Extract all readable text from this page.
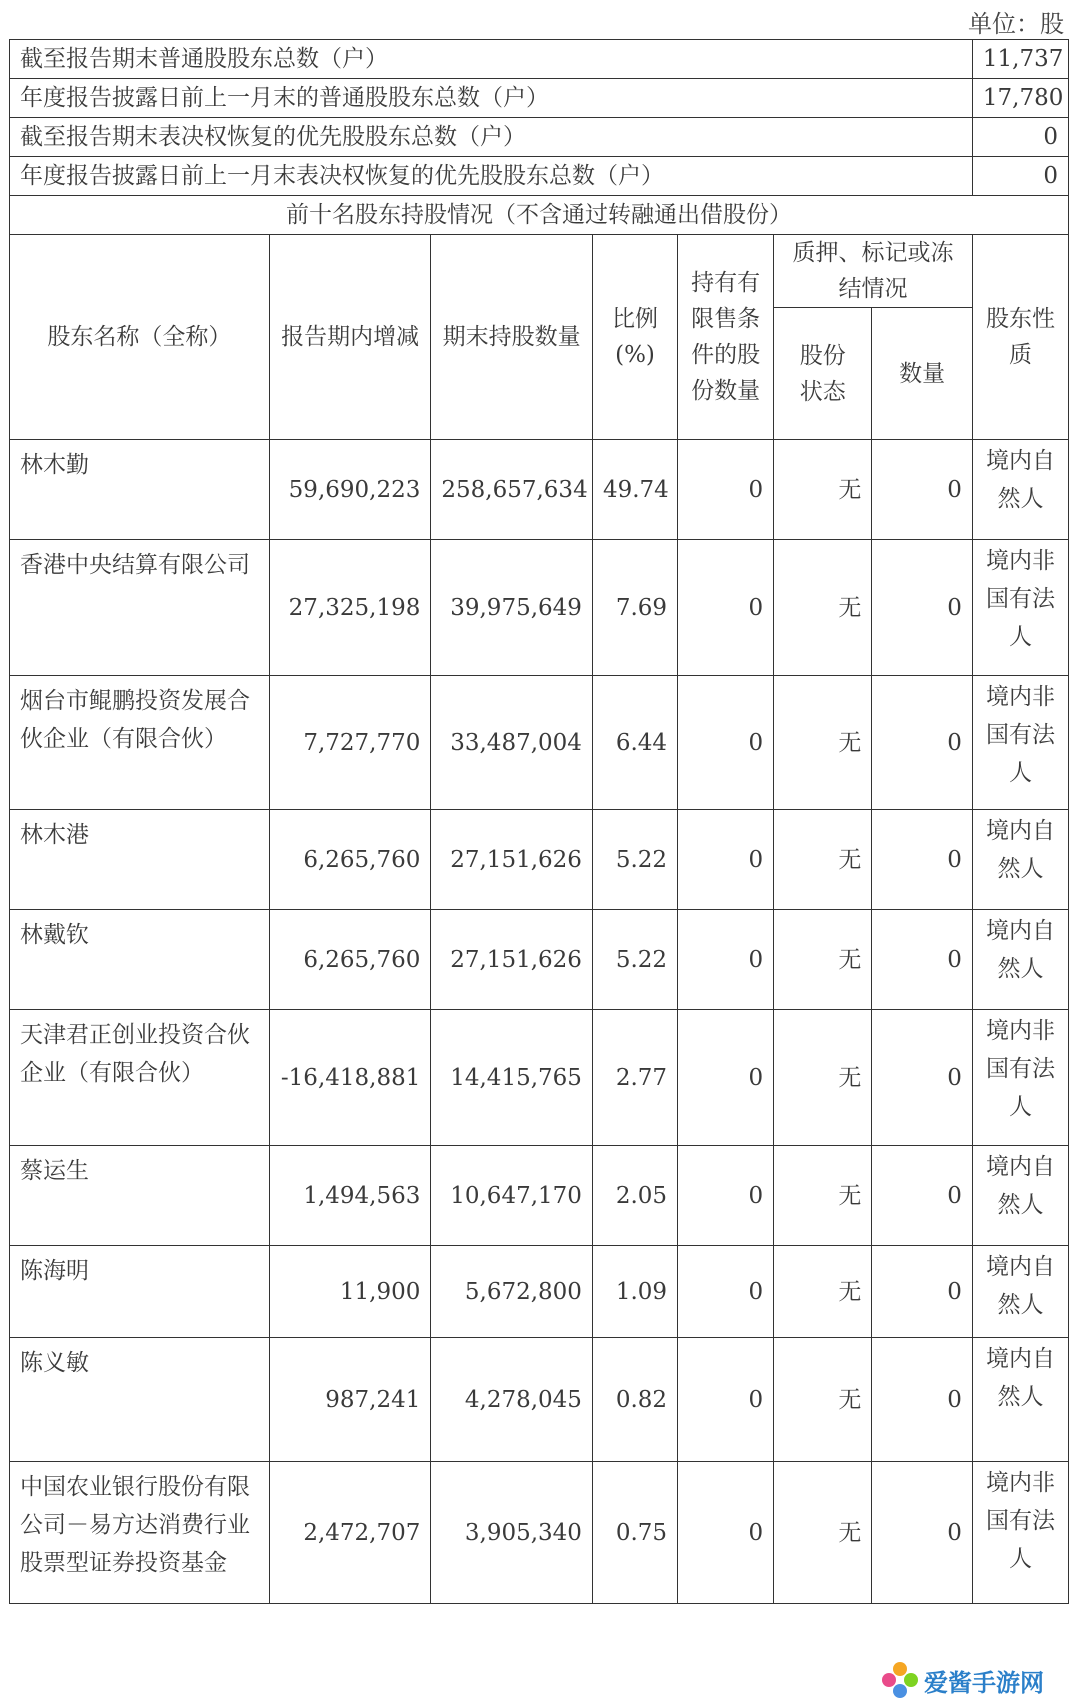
单位：股
截至报告期末普通股股东总数（户）							11,737
年度报告披露日前上一月末的普通股股东总数（户）							17,780
截至报告期末表决权恢复的优先股股东总数（户）							0
年度报告披露日前上一月末表决权恢复的优先股股东总数（户）							0
前十名股东持股情况（不含通过转融通出借股份）							
股东名称（全称）	报告期内增减	期末持股数量	比例(%)	持有有限售条件的股份数量	质押、标记或冻结情况		股东性质
					股份状态	数量	
林木勤	59,690,223	258,657,634	49.74	0	无	0	境内自然人
香港中央结算有限公司	27,325,198	39,975,649	7.69	0	无	0	境内非国有法人
烟台市鲲鹏投资发展合伙企业（有限合伙）	7,727,770	33,487,004	6.44	0	无	0	境内非国有法人
林木港	6,265,760	27,151,626	5.22	0	无	0	境内自然人
林戴钦	6,265,760	27,151,626	5.22	0	无	0	境内自然人
天津君正创业投资合伙企业（有限合伙）	-16,418,881	14,415,765	2.77	0	无	0	境内非国有法人
蔡运生	1,494,563	10,647,170	2.05	0	无	0	境内自然人
陈海明	11,900	5,672,800	1.09	0	无	0	境内自然人
陈义敏	987,241	4,278,045	0.82	0	无	0	境内自然人
中国农业银行股份有限公司－易方达消费行业股票型证券投资基金	2,472,707	3,905,340	0.75	0	无	0	境内非国有法人
爱酱手游网
